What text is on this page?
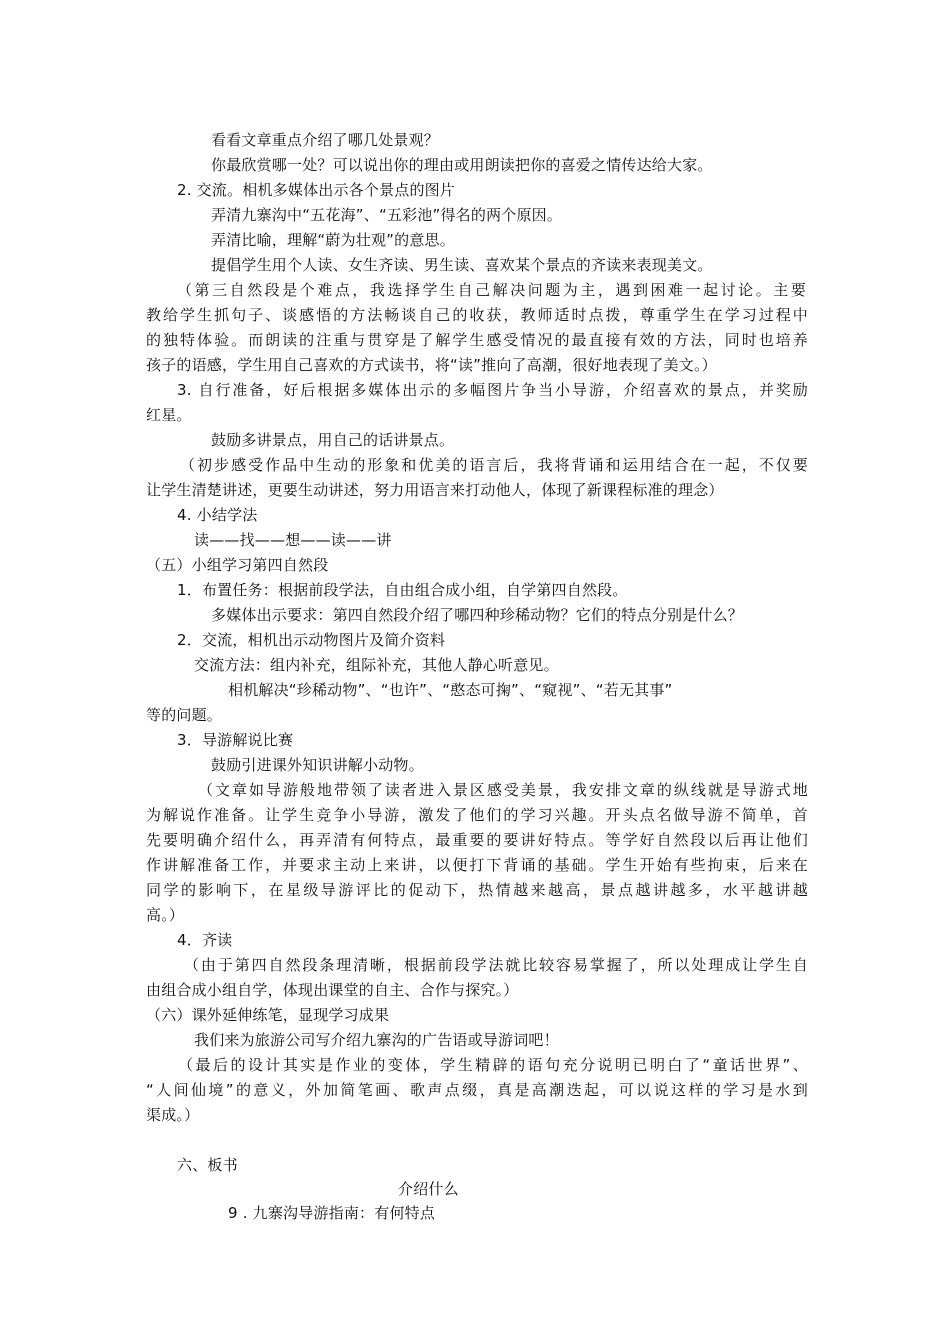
看看文章重点介绍了哪几处景观？
你最欣赏哪一处？可以说出你的理由或用朗读把你的喜爱之情传达给大家。
2. 交流。相机多媒体出示各个景点的图片
弄清九寨沟中“五花海”、“五彩池”得名的两个原因。
弄清比喻，理解“蔚为壮观”的意思。
提倡学生用个人读、女生齐读、男生读、喜欢某个景点的齐读来表现美文。
（第三自然段是个难点，我选择学生自己解决问题为主，遇到困难一起讨论。主要
教给学生抓句子、谈感悟的方法畅谈自己的收获，教师适时点拨，尊重学生在学习过程中
的独特体验。而朗读的注重与贯穿是了解学生感受情况的最直接有效的方法，同时也培养
孩子的语感，学生用自己喜欢的方式读书，将“读”推向了高潮，很好地表现了美文。）
3. 自行准备，好后根据多媒体出示的多幅图片争当小导游，介绍喜欢的景点，并奖励
红星。
鼓励多讲景点，用自己的话讲景点。
（初步感受作品中生动的形象和优美的语言后，我将背诵和运用结合在一起，不仅要
让学生清楚讲述，更要生动讲述，努力用语言来打动他人，体现了新课程标准的理念）
4. 小结学法
读——找——想——读——讲
（五）小组学习第四自然段
1．布置任务：根据前段学法，自由组合成小组，自学第四自然段。
多媒体出示要求：第四自然段介绍了哪四种珍稀动物？它们的特点分别是什么？
2．交流，相机出示动物图片及简介资料
交流方法：组内补充，组际补充，其他人静心听意见。
相机解决“珍稀动物”、“也许”、“憨态可掬”、“窥视”、“若无其事”
等的问题。
3．导游解说比赛
鼓励引进课外知识讲解小动物。
（文章如导游般地带领了读者进入景区感受美景，我安排文章的纵线就是导游式地
为解说作准备。让学生竞争小导游，激发了他们的学习兴趣。开头点名做导游不简单，首
先要明确介绍什么，再弄清有何特点，最重要的要讲好特点。等学好自然段以后再让他们
作讲解准备工作，并要求主动上来讲，以便打下背诵的基础。学生开始有些拘束，后来在
同学的影响下，在星级导游评比的促动下，热情越来越高，景点越讲越多，水平越讲越
高。）
4．齐读
（由于第四自然段条理清晰，根据前段学法就比较容易掌握了，所以处理成让学生自
由组合成小组自学，体现出课堂的自主、合作与探究。）
（六）课外延伸练笔，显现学习成果
我们来为旅游公司写介绍九寨沟的广告语或导游词吧！
（最后的设计其实是作业的变体，学生精辟的语句充分说明已明白了“童话世界”、
“人间仙境”的意义，外加简笔画、歌声点缀，真是高潮迭起，可以说这样的学习是水到
渠成。）
六、板书
介绍什么
9 . 九寨沟导游指南：有何特点
